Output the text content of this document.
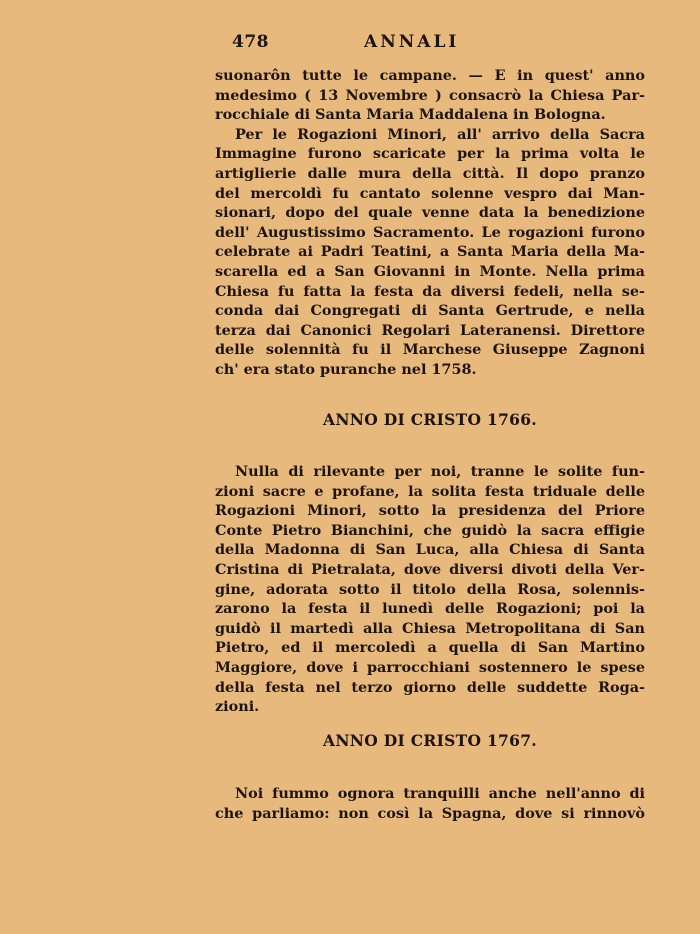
478	ANNALI
suonarôn tutte le campane. — E in quest' anno
medesimo ( 13 Novembre ) consacrò la Chiesa Par-
rocchiale di Santa Maria Maddalena in Bologna.
Per le Rogazioni Minori, all' arrivo della Sacra
Immagine furono scaricate per la prima volta le
artiglierie dalle mura della città. Il dopo pranzo
del mercoldì fu cantato solenne vespro dai Man-
sionari, dopo del quale venne data la benedizione
dell' Augustissimo Sacramento. Le rogazioni furono
celebrate ai Padri Teatini, a Santa Maria della Ma-
scarella ed a San Giovanni in Monte. Nella prima
Chiesa fu fatta la festa da diversi fedeli, nella se-
conda dai Congregati di Santa Gertrude, e nella
terza dai Canonici Regolari Lateranensi. Direttore
delle solennità fu il Marchese Giuseppe Zagnoni
ch' era stato puranche nel 1758.
ANNO DI CRISTO 1766.
Nulla di rilevante per noi, tranne le solite fun-
zioni sacre e profane, la solita festa triduale delle
Rogazioni Minori, sotto la presidenza del Priore
Conte Pietro Bianchini, che guidò la sacra effigie
della Madonna di San Luca, alla Chiesa di Santa
Cristina di Pietralata, dove diversi divoti della Ver-
gine, adorata sotto il titolo della Rosa, solennis-
zarono la festa il lunedì delle Rogazioni; poi la
guidò il martedì alla Chiesa Metropolitana di San
Pietro, ed il mercoledì a quella di San Martino
Maggiore, dove i parrocchiani sostennero le spese
della festa nel terzo giorno delle suddette Roga-
zioni.
ANNO DI CRISTO 1767.
Noi fummo ognora tranquilli anche nell'anno di
che parliamo: non così la Spagna, dove si rinnovò
